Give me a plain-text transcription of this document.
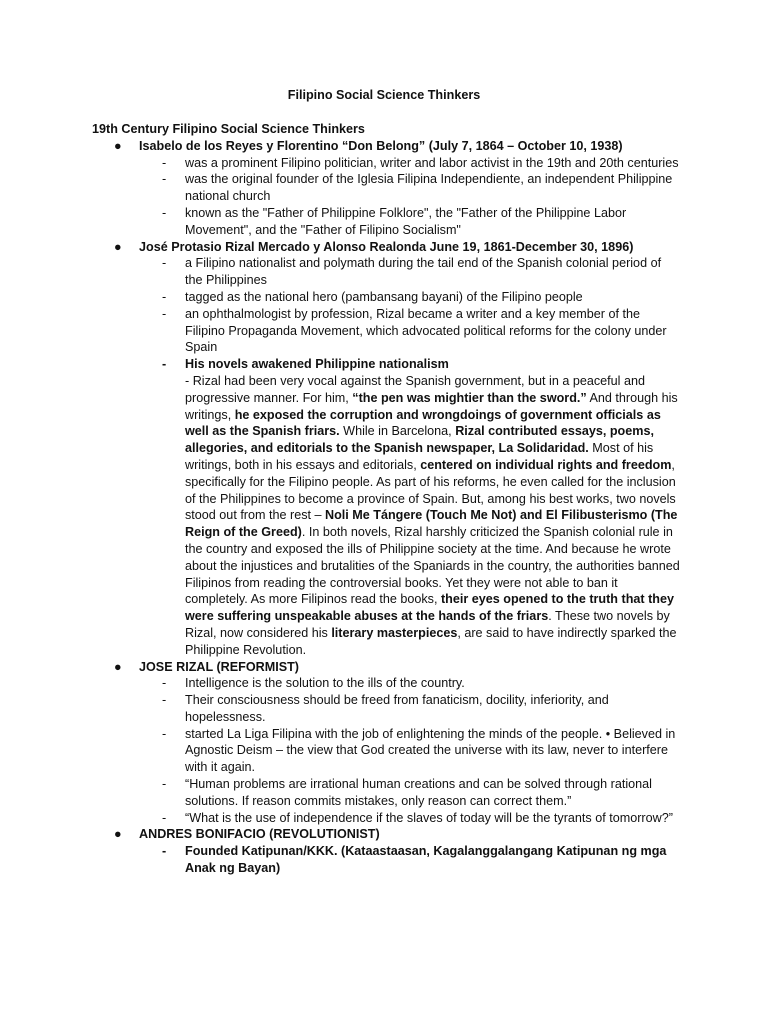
Filipino Social Science Thinkers
19th Century Filipino Social Science Thinkers
● Isabelo de los Reyes y Florentino “Don Belong” (July 7, 1864 – October 10, 1938)
- was a prominent Filipino politician, writer and labor activist in the 19th and 20th centuries
- was the original founder of the Iglesia Filipina Independiente, an independent Philippine national church
- known as the "Father of Philippine Folklore", the "Father of the Philippine Labor Movement", and the "Father of Filipino Socialism"
● José Protasio Rizal Mercado y Alonso Realonda June 19, 1861-December 30, 1896)
- a Filipino nationalist and polymath during the tail end of the Spanish colonial period of the Philippines
- tagged as the national hero (pambansang bayani) of the Filipino people
- an ophthalmologist by profession, Rizal became a writer and a key member of the Filipino Propaganda Movement, which advocated political reforms for the colony under Spain
- His novels awakened Philippine nationalism
- Rizal had been very vocal against the Spanish government, but in a peaceful and progressive manner. For him, “the pen was mightier than the sword.” And through his writings, he exposed the corruption and wrongdoings of government officials as well as the Spanish friars. While in Barcelona, Rizal contributed essays, poems, allegories, and editorials to the Spanish newspaper, La Solidaridad. Most of his writings, both in his essays and editorials, centered on individual rights and freedom, specifically for the Filipino people. As part of his reforms, he even called for the inclusion of the Philippines to become a province of Spain. But, among his best works, two novels stood out from the rest – Noli Me Tángere (Touch Me Not) and El Filibusterismo (The Reign of the Greed). In both novels, Rizal harshly criticized the Spanish colonial rule in the country and exposed the ills of Philippine society at the time. And because he wrote about the injustices and brutalities of the Spaniards in the country, the authorities banned Filipinos from reading the controversial books. Yet they were not able to ban it completely. As more Filipinos read the books, their eyes opened to the truth that they were suffering unspeakable abuses at the hands of the friars. These two novels by Rizal, now considered his literary masterpieces, are said to have indirectly sparked the Philippine Revolution.
● JOSE RIZAL (REFORMIST)
- Intelligence is the solution to the ills of the country.
- Their consciousness should be freed from fanaticism, docility, inferiority, and hopelessness.
- started La Liga Filipina with the job of enlightening the minds of the people. • Believed in Agnostic Deism – the view that God created the universe with its law, never to interfere with it again.
- “Human problems are irrational human creations and can be solved through rational solutions. If reason commits mistakes, only reason can correct them.”
- “What is the use of independence if the slaves of today will be the tyrants of tomorrow?”
● ANDRES BONIFACIO (REVOLUTIONIST)
- Founded Katipunan/KKK. (Kataastaasan, Kagalanggalangang Katipunan ng mga Anak ng Bayan)
